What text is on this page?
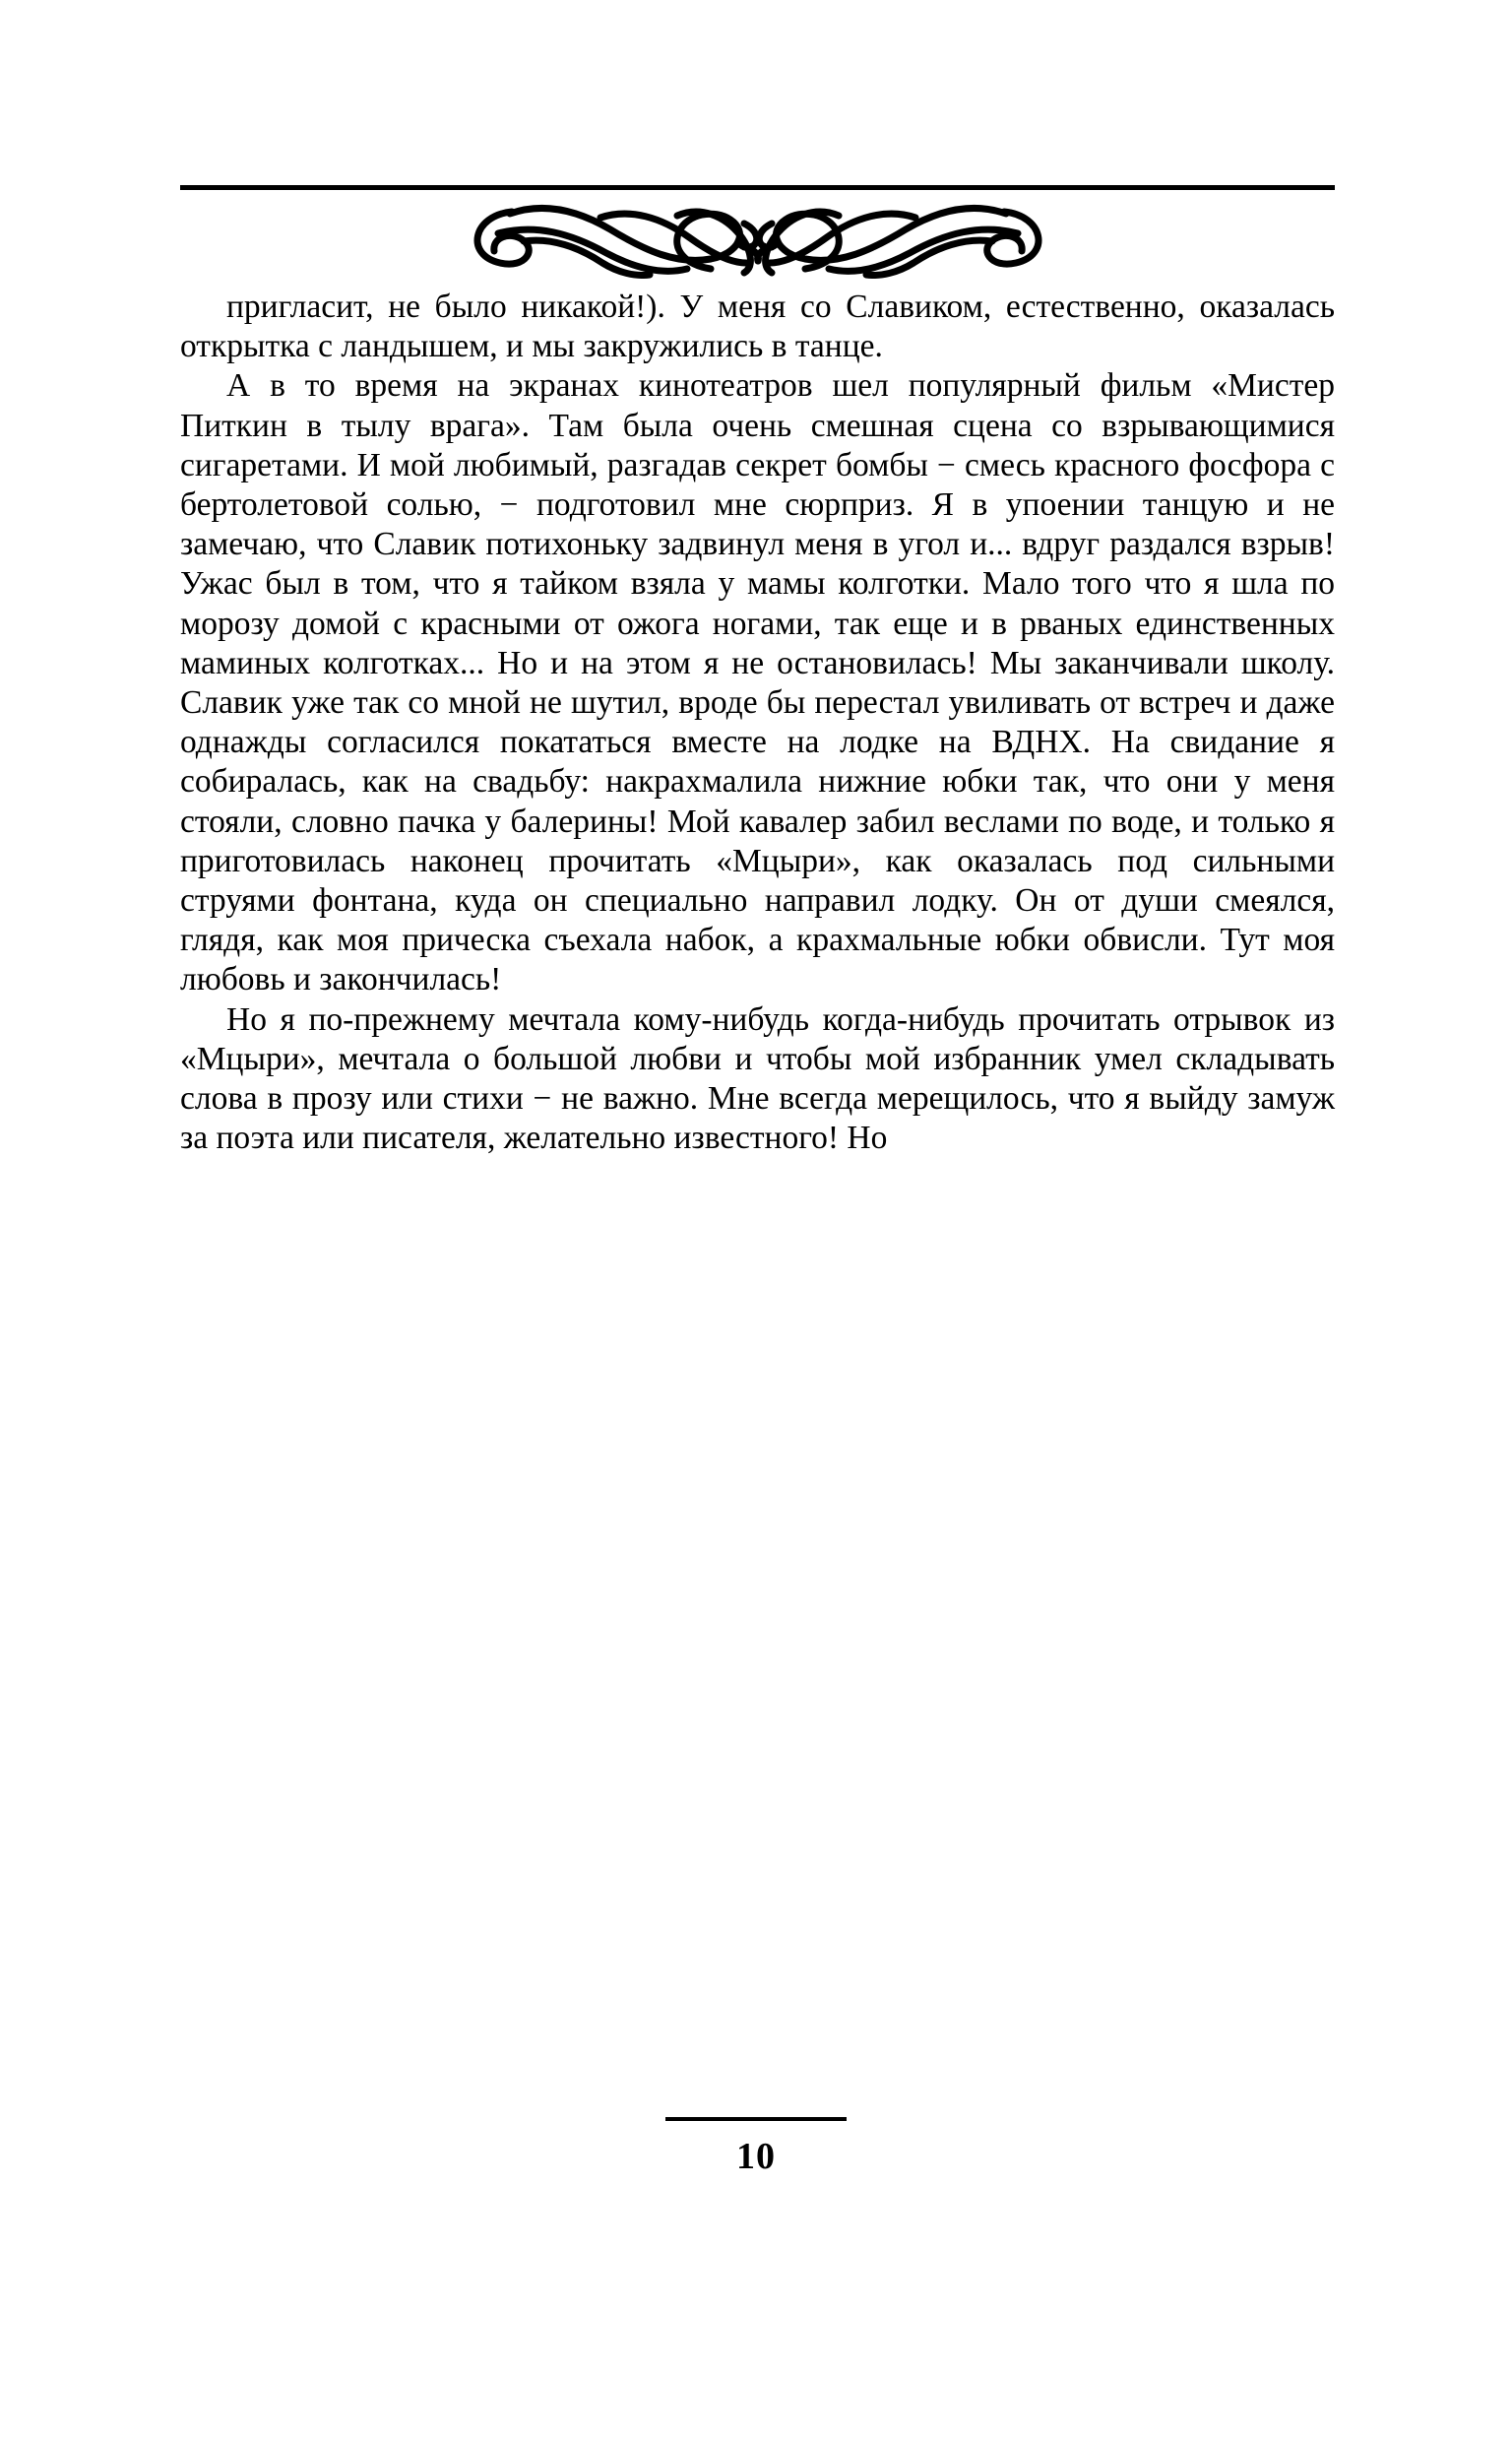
пригласит, не было никакой!). У меня со Славиком, естественно, оказалась открытка с ландышем, и мы закружились в танце.

А в то время на экранах кинотеатров шел популярный фильм «Мистер Питкин в тылу врага». Там была очень смешная сцена со взрывающимися сигаретами. И мой любимый, разгадав секрет бомбы − смесь красного фосфора с бертолетовой солью, − подготовил мне сюрприз. Я в упоении танцую и не замечаю, что Славик потихоньку задвинул меня в угол и... вдруг раздался взрыв! Ужас был в том, что я тайком взяла у мамы колготки. Мало того что я шла по морозу домой с красными от ожога ногами, так еще и в рваных единственных маминых колготках... Но и на этом я не остановилась! Мы заканчивали школу. Славик уже так со мной не шутил, вроде бы перестал увиливать от встреч и даже однажды согласился покататься вместе на лодке на ВДНХ. На свидание я собиралась, как на свадьбу: накрахмалила нижние юбки так, что они у меня стояли, словно пачка у балерины! Мой кавалер забил веслами по воде, и только я приготовилась наконец прочитать «Мцыри», как оказалась под сильными струями фонтана, куда он специально направил лодку. Он от души смеялся, глядя, как моя прическа съехала набок, а крахмальные юбки обвисли. Тут моя любовь и закончилась!

Но я по-прежнему мечтала кому-нибудь когда-нибудь прочитать отрывок из «Мцыри», мечтала о большой любви и чтобы мой избранник умел складывать слова в прозу или стихи − не важно. Мне всегда мерещилось, что я выйду замуж за поэта или писателя, желательно известного! Но

10
